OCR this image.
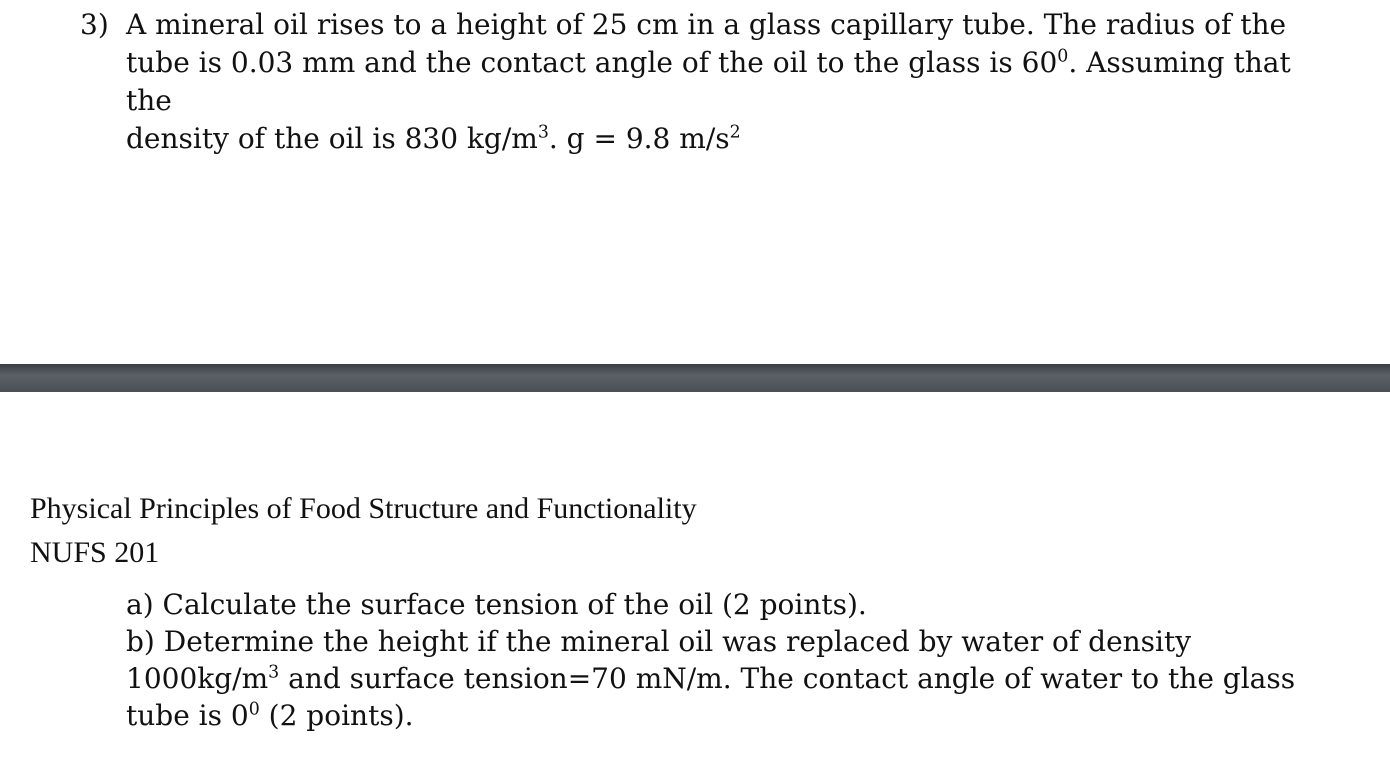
3) A mineral oil rises to a height of 25 cm in a glass capillary tube. The radius of the
tube is 0.03 mm and the contact angle of the oil to the glass is $60^0$. Assuming that the
density of the oil is 830 $kg/m^3$. g = 9.8 $m/s^2$
Physical Principles of Food Structure and Functionality
NUFS 201
a) Calculate the surface tension of the oil (2 points).
b) Determine the height if the mineral oil was replaced by water of density
$1000kg/m^3$ and surface tension=70 mN/m. The contact angle of water to the glass
tube is $0^0$ (2 points).
